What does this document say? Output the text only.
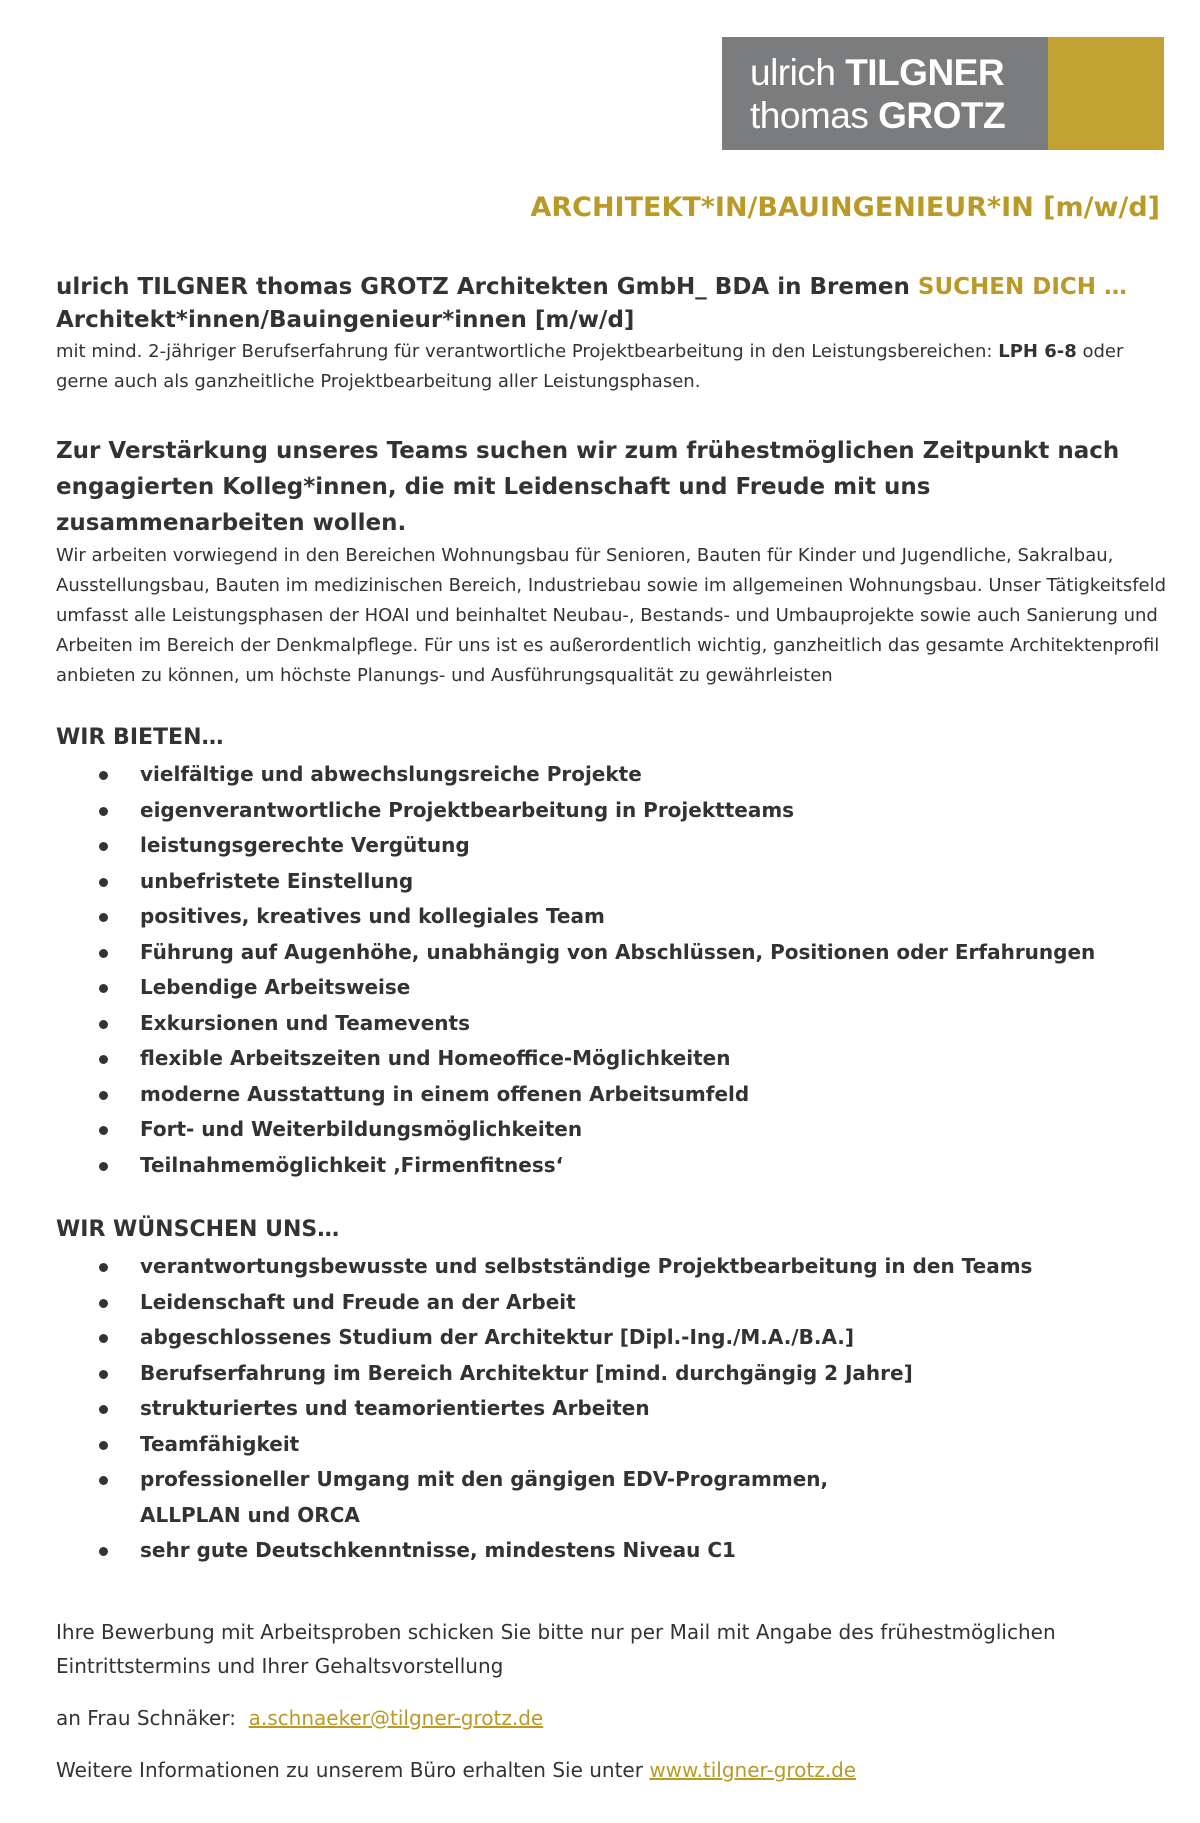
ulrich TILGNER
thomas GROTZ
ARCHITEKT*IN/BAUINGENIEUR*IN [m/w/d]
ulrich TILGNER thomas GROTZ Architekten GmbH_ BDA in Bremen SUCHEN DICH …
Architekt*innen/Bauingenieur*innen [m/w/d]

mit mind. 2-jähriger Berufserfahrung für verantwortliche Projektbearbeitung in den Leistungsbereichen: LPH 6-8 oder gerne auch als ganzheitliche Projektbearbeitung aller Leistungsphasen.

Zur Verstärkung unseres Teams suchen wir zum frühestmöglichen Zeitpunkt nach engagierten Kolleg*innen, die mit Leidenschaft und Freude mit uns zusammenarbeiten wollen.

Wir arbeiten vorwiegend in den Bereichen Wohnungsbau für Senioren, Bauten für Kinder und Jugendliche, Sakralbau, Ausstellungsbau, Bauten im medizinischen Bereich, Industriebau sowie im allgemeinen Wohnungsbau. Unser Tätigkeitsfeld umfasst alle Leistungsphasen der HOAI und beinhaltet Neubau-, Bestands- und Umbauprojekte sowie auch Sanierung und Arbeiten im Bereich der Denkmalpflege. Für uns ist es außerordentlich wichtig, ganzheitlich das gesamte Architektenprofil anbieten zu können, um höchste Planungs- und Ausführungsqualität zu gewährleisten

WIR BIETEN…
vielfältige und abwechslungsreiche Projekte
eigenverantwortliche Projektbearbeitung in Projektteams
leistungsgerechte Vergütung
unbefristete Einstellung
positives, kreatives und kollegiales Team
Führung auf Augenhöhe, unabhängig von Abschlüssen, Positionen oder Erfahrungen
Lebendige Arbeitsweise
Exkursionen und Teamevents
flexible Arbeitszeiten und Homeoffice-Möglichkeiten
moderne Ausstattung in einem offenen Arbeitsumfeld
Fort- und Weiterbildungsmöglichkeiten
Teilnahmemöglichkeit ‚Firmenfitness‘
WIR WÜNSCHEN UNS…
verantwortungsbewusste und selbstständige Projektbearbeitung in den Teams
Leidenschaft und Freude an der Arbeit
abgeschlossenes Studium der Architektur [Dipl.-Ing./M.A./B.A.]
Berufserfahrung im Bereich Architektur [mind. durchgängig 2 Jahre]
strukturiertes und teamorientiertes Arbeiten
Teamfähigkeit
professioneller Umgang mit den gängigen EDV-Programmen,
ALLPLAN und ORCA
sehr gute Deutschkenntnisse, mindestens Niveau C1

Ihre Bewerbung mit Arbeitsproben schicken Sie bitte nur per Mail mit Angabe des frühestmöglichen Eintrittstermins und Ihrer Gehaltsvorstellung

an Frau Schnäker: a.schnaeker@tilgner-grotz.de

Weitere Informationen zu unserem Büro erhalten Sie unter www.tilgner-grotz.de
